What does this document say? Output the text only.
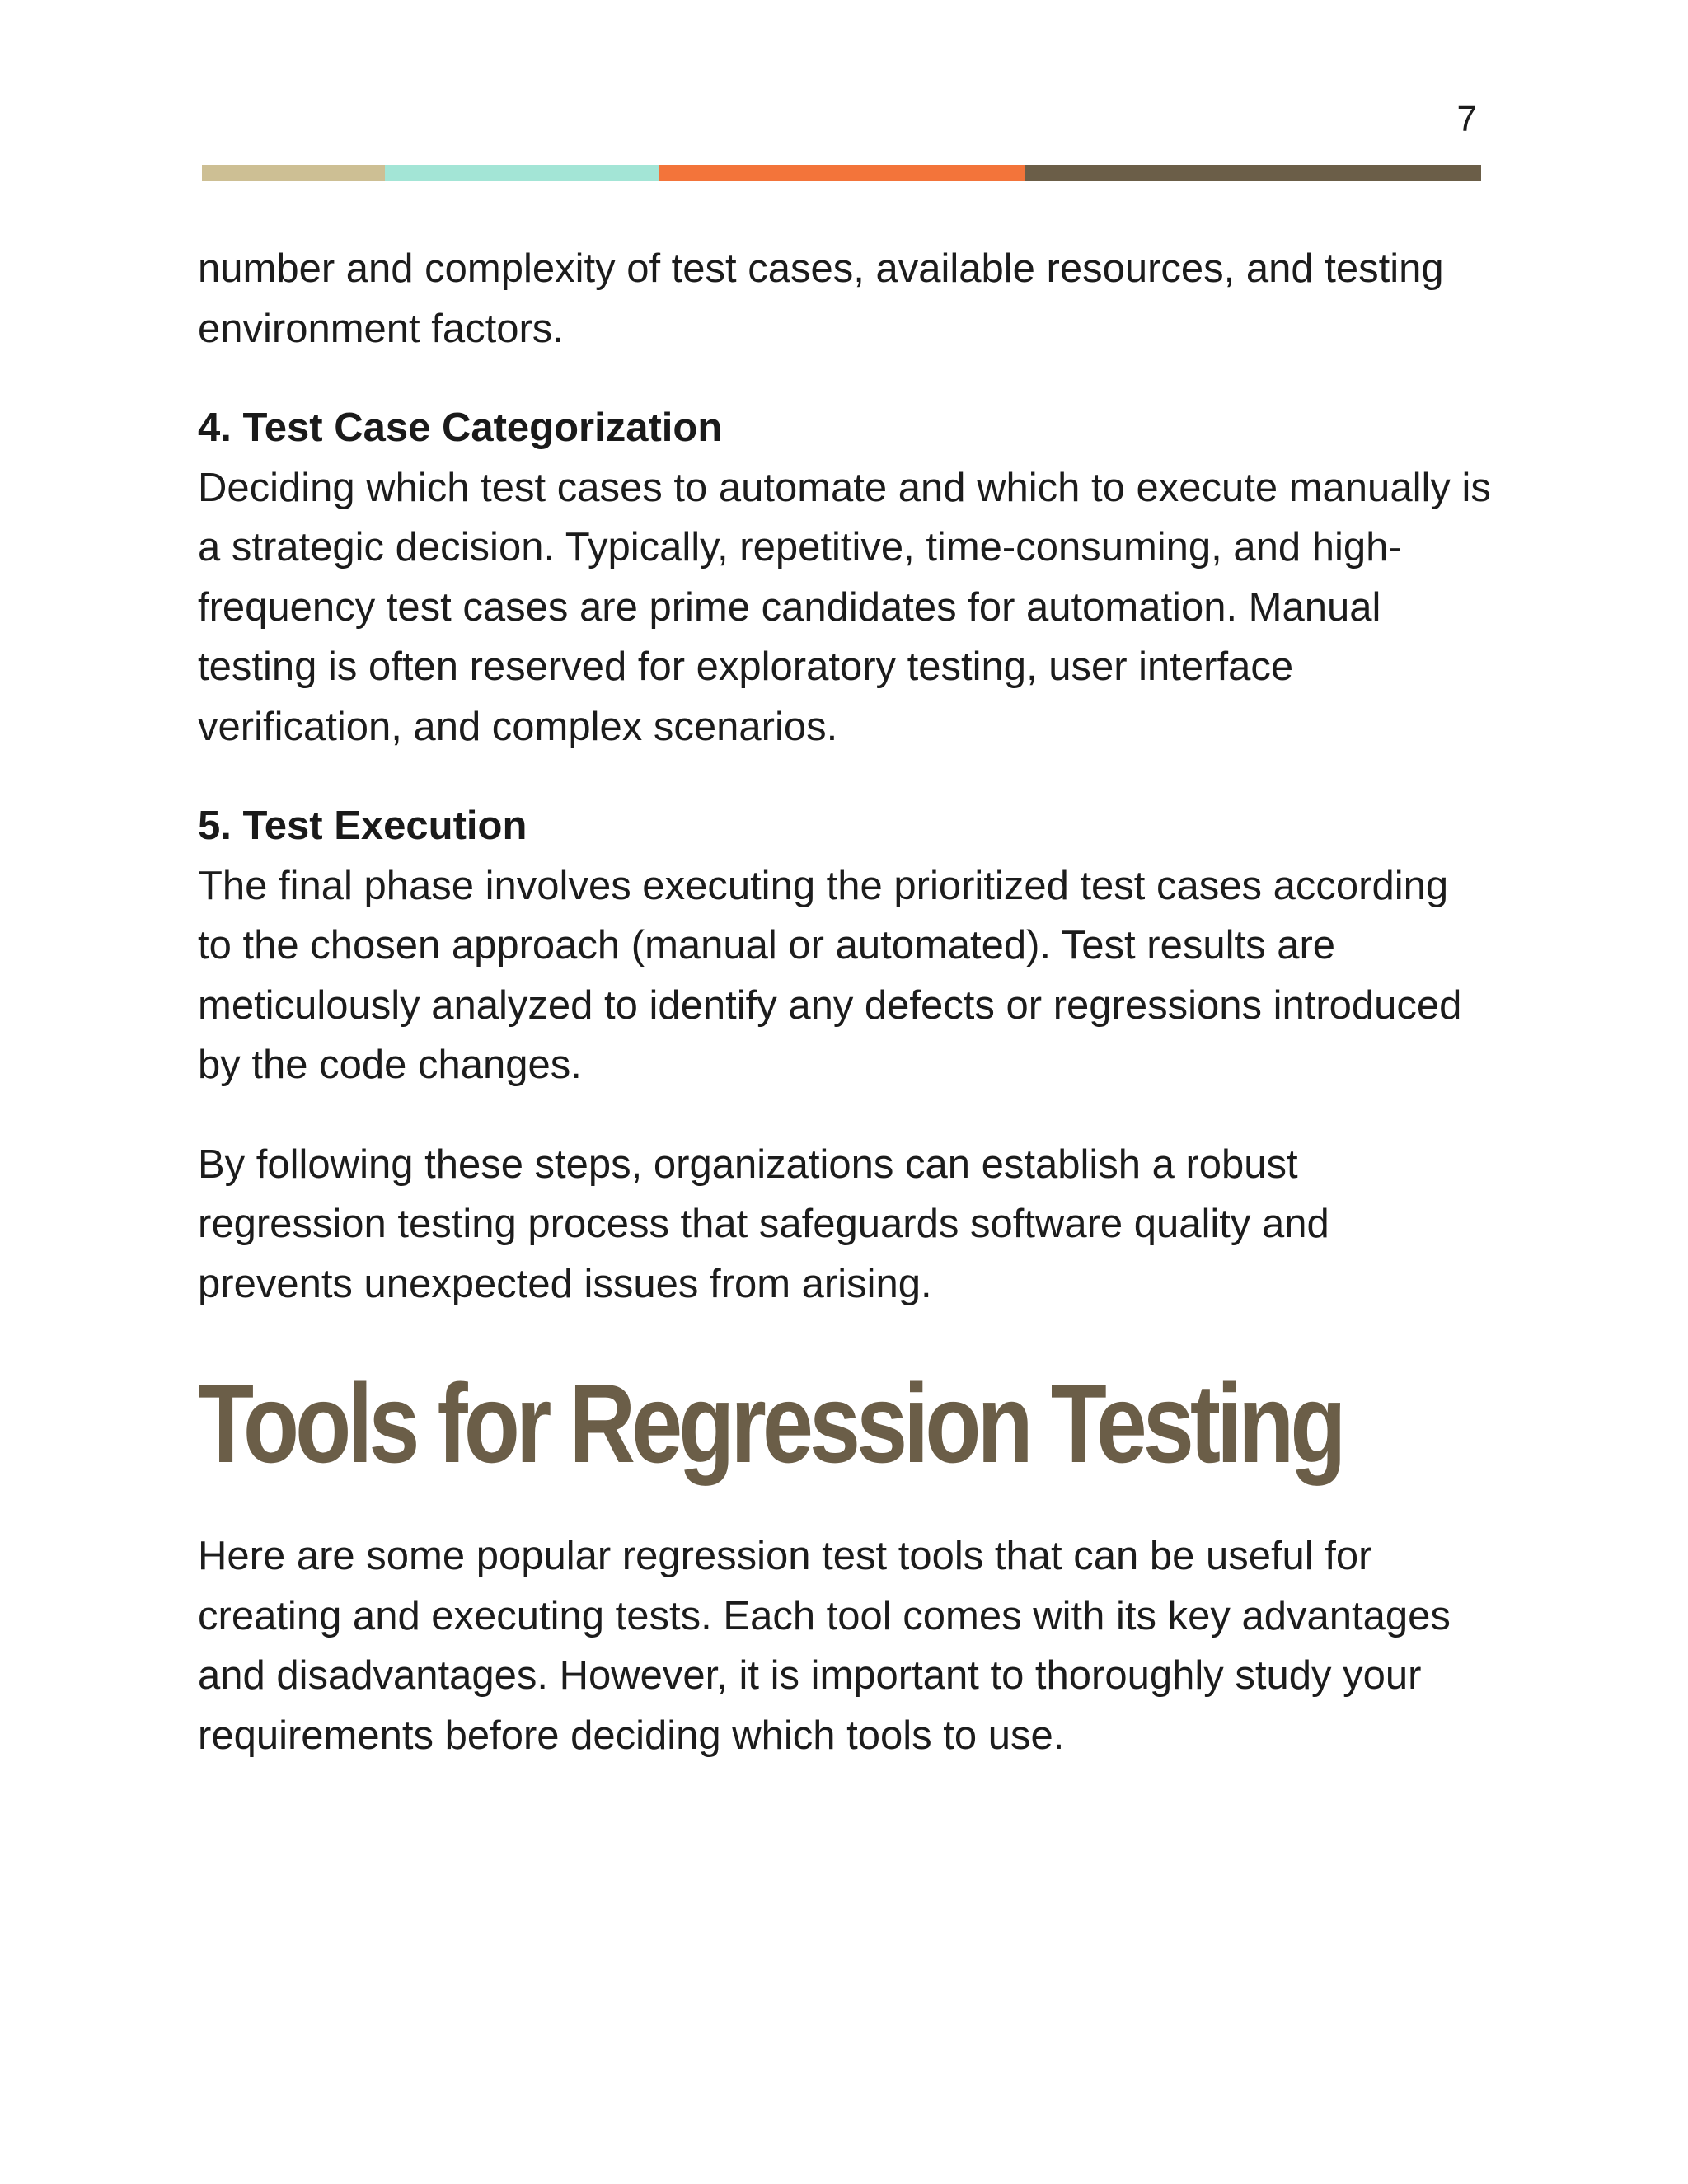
7

number and complexity of test cases, available resources, and testing environment factors.

4. Test Case Categorization

Deciding which test cases to automate and which to execute manually is a strategic decision. Typically, repetitive, time-consuming, and high-frequency test cases are prime candidates for automation. Manual testing is often reserved for exploratory testing, user interface verification, and complex scenarios.

5. Test Execution

The final phase involves executing the prioritized test cases according to the chosen approach (manual or automated). Test results are meticulously analyzed to identify any defects or regressions introduced by the code changes.

By following these steps, organizations can establish a robust regression testing process that safeguards software quality and prevents unexpected issues from arising.

Tools for Regression Testing

Here are some popular regression test tools that can be useful for creating and executing tests. Each tool comes with its key advantages and disadvantages. However, it is important to thoroughly study your requirements before deciding which tools to use.
